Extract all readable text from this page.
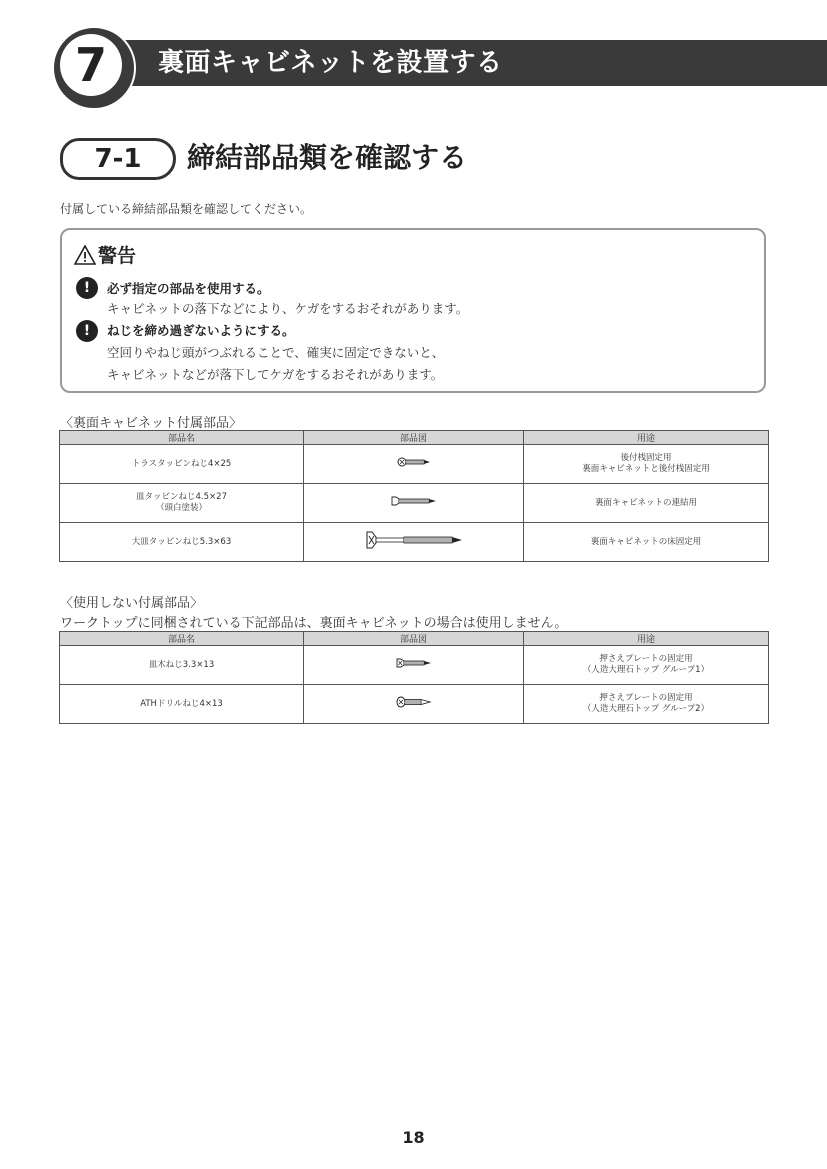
7	裏面キャビネットを設置する
7-1	締結部品類を確認する
付属している締結部品類を確認してください。
警告
!	必ず指定の部品を使用する。
キャビネットの落下などにより、ケガをするおそれがあります。
!	ねじを締め過ぎないようにする。
空回りやねじ頭がつぶれることで、確実に固定できないと、
キャビネットなどが落下してケガをするおそれがあります。
〈裏面キャビネット付属部品〉
部品名	部品図	用途

トラスタッピンねじ4×25		後付桟固定用
裏面キャビネットと後付桟固定用

皿タッピンねじ4.5×27
（頭白塗装）		裏面キャビネットの連結用

大皿タッピンねじ5.3×63		裏面キャビネットの床固定用
〈使用しない付属部品〉
ワークトップに同梱されている下記部品は、裏面キャビネットの場合は使用しません。
部品名	部品図	用途

皿木ねじ3.3×13		押さえプレートの固定用
（人造大理石トップ グループ1）

ATHドリルねじ4×13		押さえプレートの固定用
（人造大理石トップ グループ2）
18
